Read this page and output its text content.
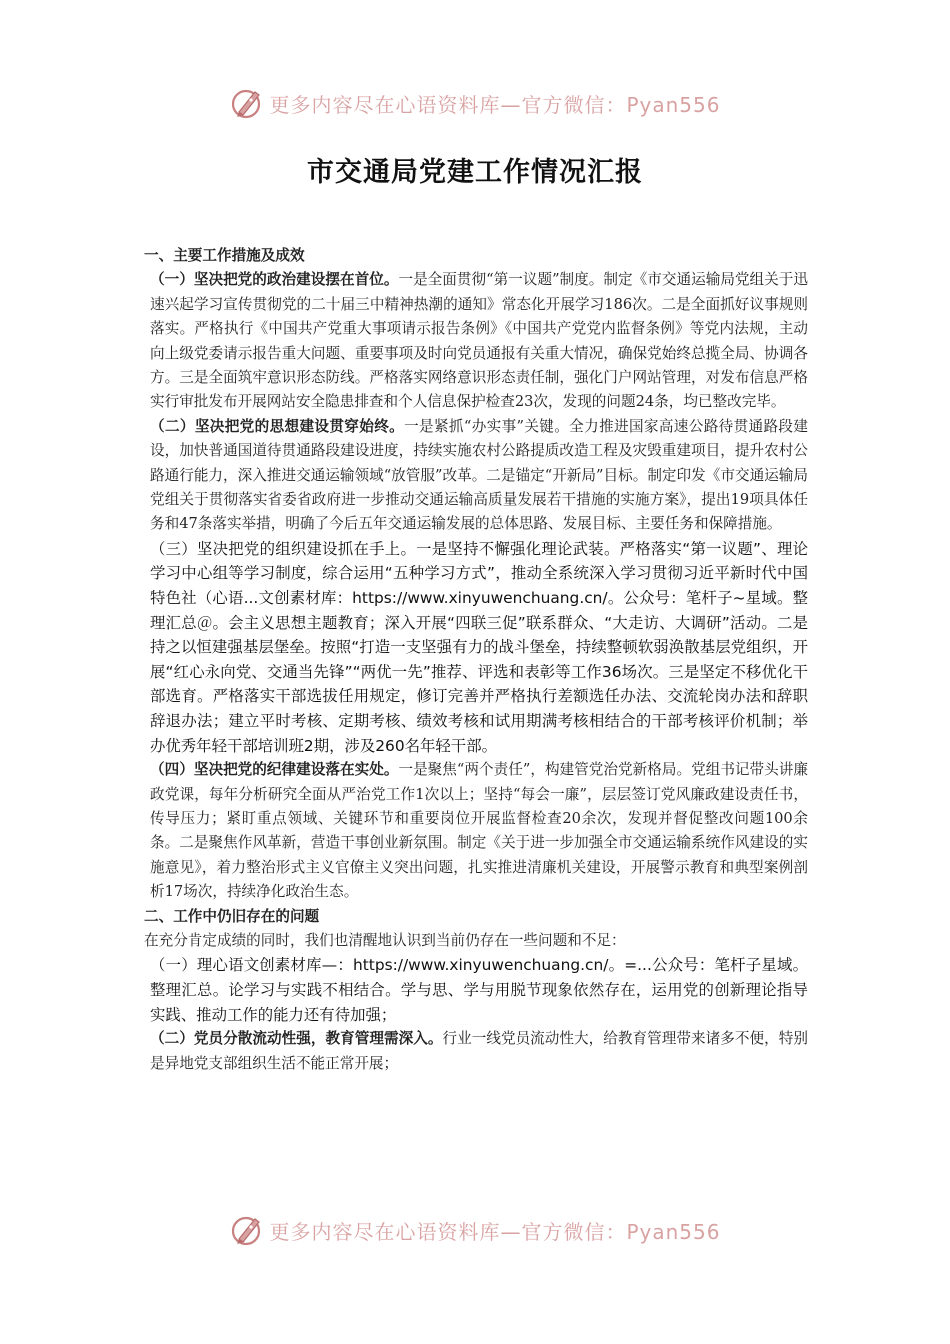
更多内容尽在心语资料库—官方微信：Pyan556
市交通局党建工作情况汇报

一、主要工作措施及成效

（一）坚决把党的政治建设摆在首位。一是全面贯彻“第一议题”制度。制定《市交通运输局党组关于迅速兴起学习宣传贯彻党的二十届三中精神热潮的通知》常态化开展学习186次。二是全面抓好议事规则落实。严格执行《中国共产党重大事项请示报告条例》《中国共产党党内监督条例》等党内法规，主动向上级党委请示报告重大问题、重要事项及时向党员通报有关重大情况，确保党始终总揽全局、协调各方。三是全面筑牢意识形态防线。严格落实网络意识形态责任制，强化门户网站管理，对发布信息严格实行审批发布开展网站安全隐患排查和个人信息保护检查23次，发现的问题24条，均已整改完毕。

（二）坚决把党的思想建设贯穿始终。一是紧抓“办实事”关键。全力推进国家高速公路待贯通路段建设，加快普通国道待贯通路段建设进度，持续实施农村公路提质改造工程及灾毁重建项目，提升农村公路通行能力，深入推进交通运输领域“放管服”改革。二是锚定“开新局”目标。制定印发《市交通运输局党组关于贯彻落实省委省政府进一步推动交通运输高质量发展若干措施的实施方案》，提出19项具体任务和47条落实举措，明确了今后五年交通运输发展的总体思路、发展目标、主要任务和保障措施。

（三）坚决把党的组织建设抓在手上。一是坚持不懈强化理论武装。严格落实“第一议题”、理论学习中心组等学习制度，综合运用“五种学习方式”，推动全系统深入学习贯彻习近平新时代中国特色社（心语...文创素材库：https://www.xinyuwenchuang.cn/。公众号：笔杆子~星域。整理汇总＠。会主义思想主题教育；深入开展“四联三促”联系群众、“大走访、大调研”活动。二是持之以恒建强基层堡垒。按照“打造一支坚强有力的战斗堡垒，持续整顿软弱涣散基层党组织，开展“红心永向党、交通当先锋”“两优一先”推荐、评选和表彰等工作36场次。三是坚定不移优化干部选育。严格落实干部选拔任用规定，修订完善并严格执行差额选任办法、交流轮岗办法和辞职辞退办法；建立平时考核、定期考核、绩效考核和试用期满考核相结合的干部考核评价机制；举办优秀年轻干部培训班2期，涉及260名年轻干部。

（四）坚决把党的纪律建设落在实处。一是聚焦“两个责任”，构建管党治党新格局。党组书记带头讲廉政党课，每年分析研究全面从严治党工作1次以上；坚持“每会一廉”，层层签订党风廉政建设责任书，传导压力；紧盯重点领域、关键环节和重要岗位开展监督检查20余次，发现并督促整改问题100余条。二是聚焦作风革新，营造干事创业新氛围。制定《关于进一步加强全市交通运输系统作风建设的实施意见》，着力整治形式主义官僚主义突出问题，扎实推进清廉机关建设，开展警示教育和典型案例剖析17场次，持续净化政治生态。

二、工作中仍旧存在的问题

在充分肯定成绩的同时，我们也清醒地认识到当前仍存在一些问题和不足：

（一）理心语文创素材库—：https://www.xinyuwenchuang.cn/。=...公众号：笔杆子星域。整理汇总。论学习与实践不相结合。学与思、学与用脱节现象依然存在，运用党的创新理论指导实践、推动工作的能力还有待加强；

（二）党员分散流动性强，教育管理需深入。行业一线党员流动性大，给教育管理带来诸多不便，特别是异地党支部组织生活不能正常开展；

更多内容尽在心语资料库—官方微信：Pyan556
